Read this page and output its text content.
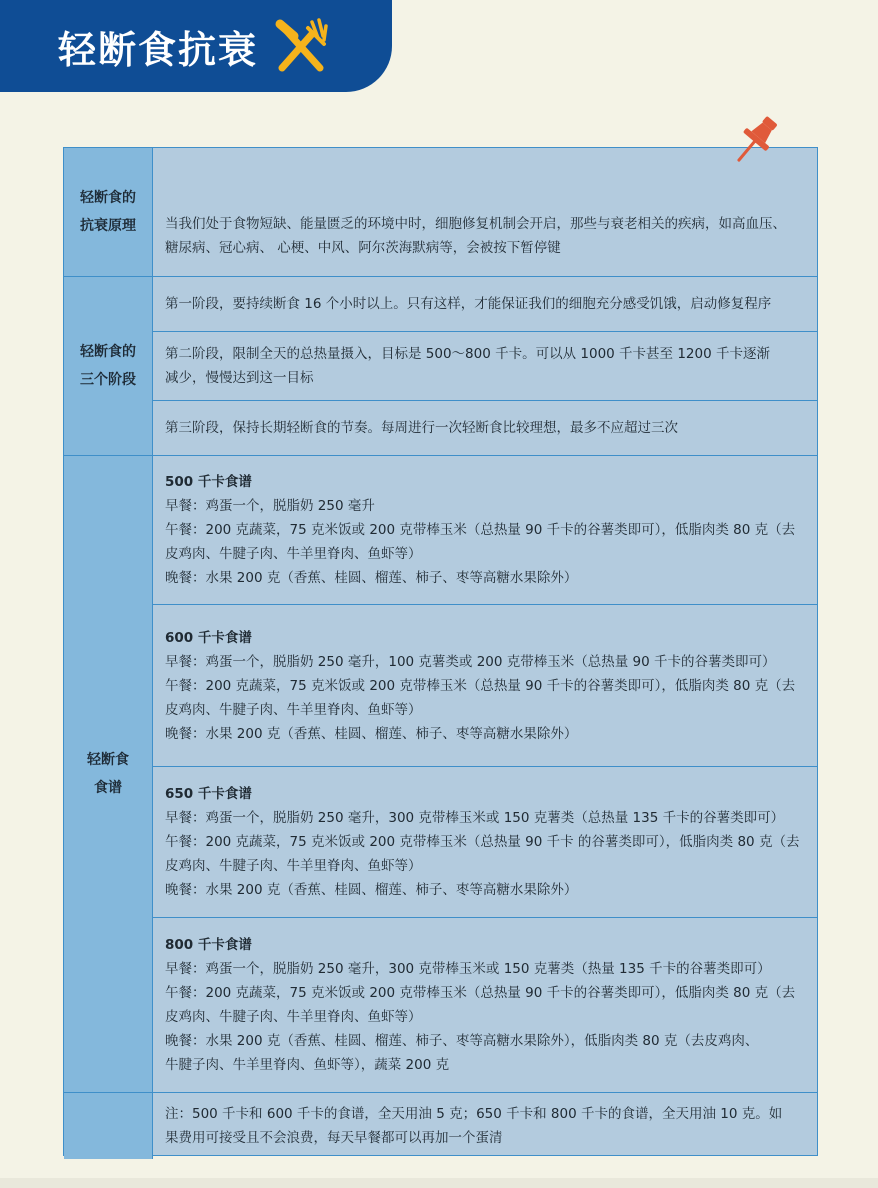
轻断食抗衰
轻断食的
抗衰原理 当我们处于食物短缺、能量匮乏的环境中时，细胞修复机制会开启，那些与衰老相关的疾病，如高血压、
糖尿病、冠心病、 心梗、中风、阿尔茨海默病等，会被按下暂停键
轻断食的
三个阶段
第一阶段，要持续断食 16 个小时以上。只有这样，才能保证我们的细胞充分感受饥饿，启动修复程序
第二阶段，限制全天的总热量摄入，目标是 500～800 千卡。可以从 1000 千卡甚至 1200 千卡逐渐
减少，慢慢达到这一目标
第三阶段，保持长期轻断食的节奏。每周进行一次轻断食比较理想，最多不应超过三次
轻断食
食谱
500 千卡食谱
早餐：鸡蛋一个，脱脂奶 250 毫升
午餐：200 克蔬菜，75 克米饭或 200 克带棒玉米（总热量 90 千卡的谷薯类即可），低脂肉类 80 克（去
皮鸡肉、牛腱子肉、牛羊里脊肉、鱼虾等）
晚餐：水果 200 克（香蕉、桂圆、榴莲、柿子、枣等高糖水果除外）
600 千卡食谱
早餐：鸡蛋一个，脱脂奶 250 毫升，100 克薯类或 200 克带棒玉米（总热量 90 千卡的谷薯类即可）
午餐：200 克蔬菜，75 克米饭或 200 克带棒玉米（总热量 90 千卡的谷薯类即可），低脂肉类 80 克（去
皮鸡肉、牛腱子肉、牛羊里脊肉、鱼虾等）
晚餐：水果 200 克（香蕉、桂圆、榴莲、柿子、枣等高糖水果除外）
650 千卡食谱
早餐：鸡蛋一个，脱脂奶 250 毫升，300 克带棒玉米或 150 克薯类（总热量 135 千卡的谷薯类即可）
午餐：200 克蔬菜，75 克米饭或 200 克带棒玉米（总热量 90 千卡 的谷薯类即可），低脂肉类 80 克（去
皮鸡肉、牛腱子肉、牛羊里脊肉、鱼虾等）
晚餐：水果 200 克（香蕉、桂圆、榴莲、柿子、枣等高糖水果除外）
800 千卡食谱
早餐：鸡蛋一个，脱脂奶 250 毫升，300 克带棒玉米或 150 克薯类（热量 135 千卡的谷薯类即可）
午餐：200 克蔬菜，75 克米饭或 200 克带棒玉米（总热量 90 千卡的谷薯类即可），低脂肉类 80 克（去
皮鸡肉、牛腱子肉、牛羊里脊肉、鱼虾等）
晚餐：水果 200 克（香蕉、桂圆、榴莲、柿子、枣等高糖水果除外），低脂肉类 80 克（去皮鸡肉、
牛腱子肉、牛羊里脊肉、鱼虾等），蔬菜 200 克
注：500 千卡和 600 千卡的食谱，全天用油 5 克；650 千卡和 800 千卡的食谱，全天用油 10 克。如
果费用可接受且不会浪费，每天早餐都可以再加一个蛋清
